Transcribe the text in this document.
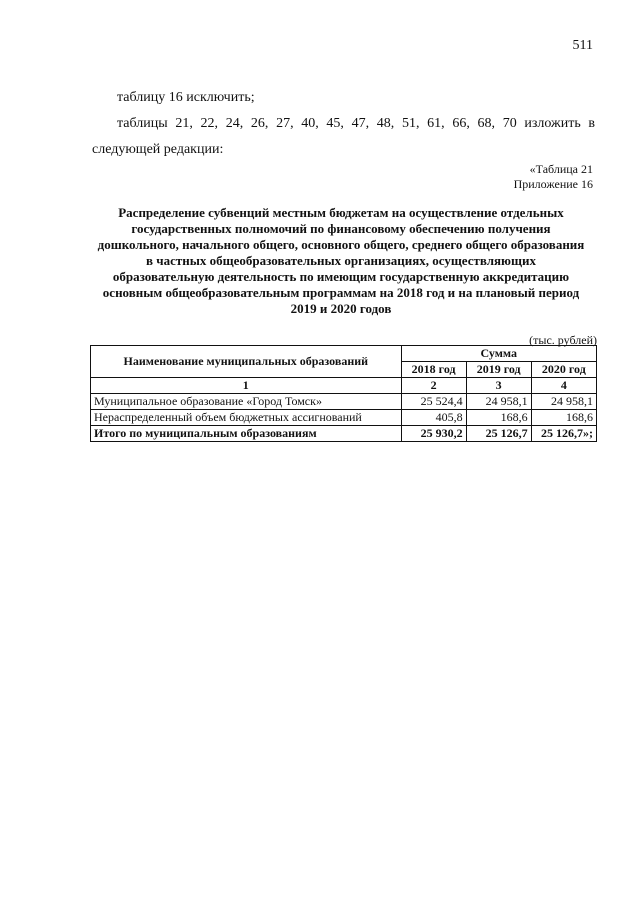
511
таблицу 16 исключить;
таблицы 21, 22, 24, 26, 27, 40, 45, 47, 48, 51, 61, 66, 68, 70 изложить в
следующей редакции:
«Таблица 21
Приложение 16
Распределение субвенций местным бюджетам на осуществление отдельных государственных полномочий по финансовому обеспечению получения дошкольного, начального общего, основного общего, среднего общего образования в частных общеобразовательных организациях, осуществляющих образовательную деятельность по имеющим государственную аккредитацию основным общеобразовательным программам на 2018 год и на плановый период 2019 и 2020 годов
(тыс. рублей)
Наименование муниципальных образований	Сумма		
	2018 год	2019 год	2020 год
1	2	3	4
Муниципальное образование «Город Томск»	25 524,4	24 958,1	24 958,1
Нераспределенный объем бюджетных ассигнований	405,8	168,6	168,6
Итого по муниципальным образованиям	25 930,2	25 126,7	25 126,7»;
